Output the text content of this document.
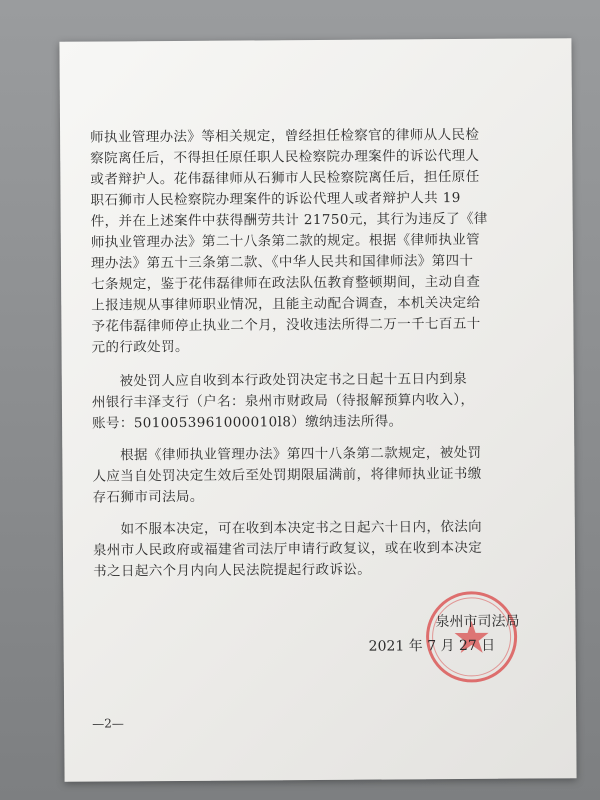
师执业管理办法》等相关规定，曾经担任检察官的律师从人民检
察院离任后，不得担任原任职人民检察院办理案件的诉讼代理人
或者辩护人。花伟磊律师从石狮市人民检察院离任后，担任原任
职石狮市人民检察院办理案件的诉讼代理人或者辩护人共 19
件，并在上述案件中获得酬劳共计 21750元，其行为违反了《律
师执业管理办法》第二十八条第二款的规定。根据《律师执业管
理办法》第五十三条第二款、《中华人民共和国律师法》第四十
七条规定，鉴于花伟磊律师在政法队伍教育整顿期间，主动自查
上报违规从事律师职业情况，且能主动配合调查，本机关决定给
予花伟磊律师停止执业二个月，没收违法所得二万一千七百五十
元的行政处罚。
　　被处罚人应自收到本行政处罚决定书之日起十五日内到泉
州银行丰泽支行（户名：泉州市财政局（待报解预算内收入），
账号：5010053961000010l8）缴纳违法所得。
　　根据《律师执业管理办法》第四十八条第二款规定，被处罚
人应当自处罚决定生效后至处罚期限届满前，将律师执业证书缴
存石狮市司法局。
　　如不服本决定，可在收到本决定书之日起六十日内，依法向
泉州市人民政府或福建省司法厅申请行政复议，或在收到本决定
书之日起六个月内向人民法院提起行政诉讼。
泉州市司法局
2021 年 7 月 27 日
—2—
